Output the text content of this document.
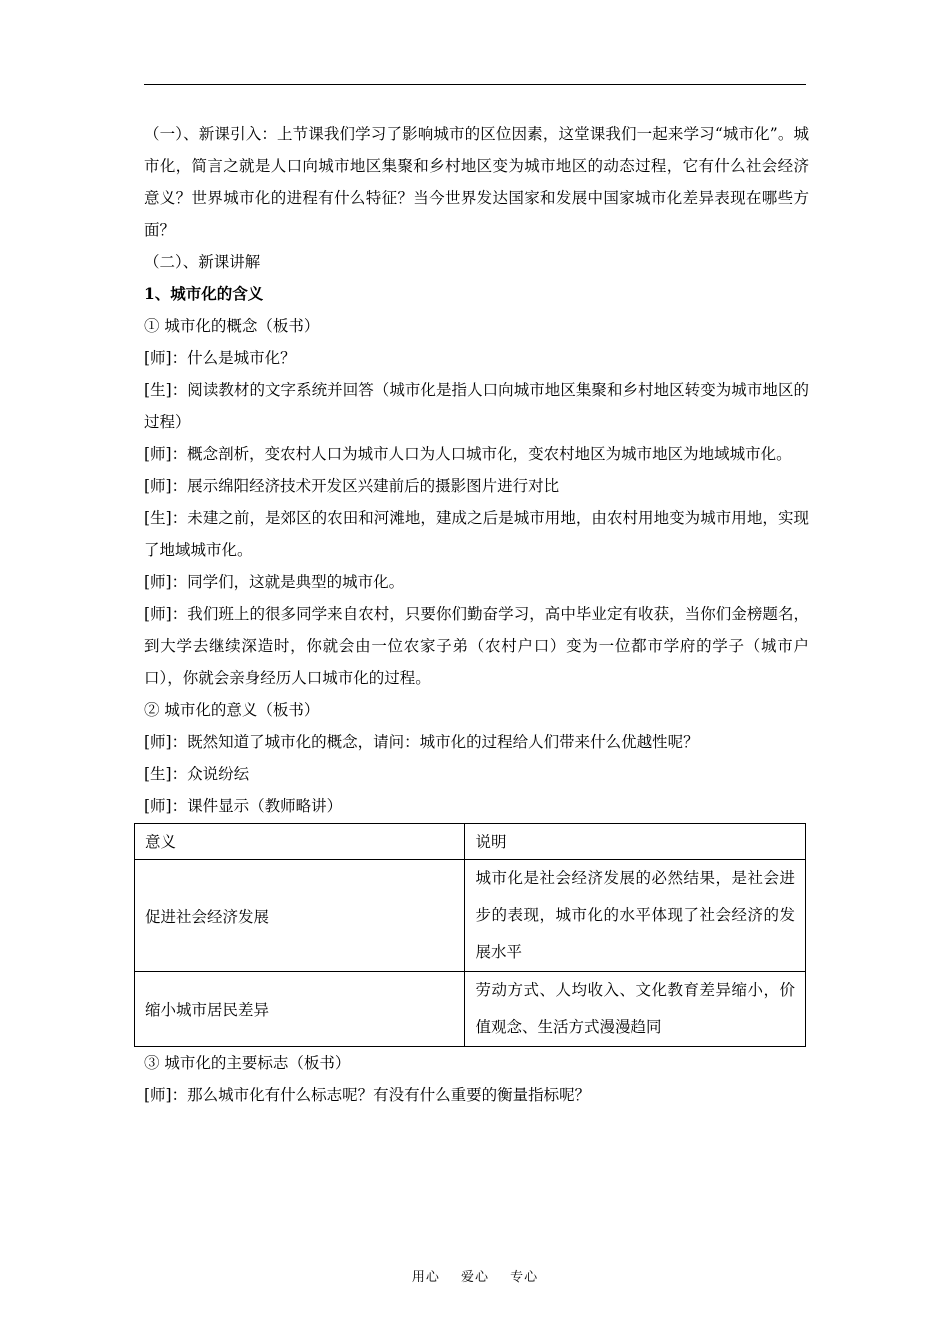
（一）、新课引入：上节课我们学习了影响城市的区位因素，这堂课我们一起来学习“城市化”。城市化，简言之就是人口向城市地区集聚和乡村地区变为城市地区的动态过程，它有什么社会经济意义？世界城市化的进程有什么特征？当今世界发达国家和发展中国家城市化差异表现在哪些方面？

（二）、新课讲解

1、城市化的含义

① 城市化的概念（板书）

[师]：什么是城市化？

[生]：阅读教材的文字系统并回答（城市化是指人口向城市地区集聚和乡村地区转变为城市地区的过程）

[师]：概念剖析，变农村人口为城市人口为人口城市化，变农村地区为城市地区为地域城市化。

[师]：展示绵阳经济技术开发区兴建前后的摄影图片进行对比

[生]：未建之前，是郊区的农田和河滩地，建成之后是城市用地，由农村用地变为城市用地，实现了地域城市化。

[师]：同学们，这就是典型的城市化。

[师]：我们班上的很多同学来自农村，只要你们勤奋学习，高中毕业定有收获，当你们金榜题名，到大学去继续深造时，你就会由一位农家子弟（农村户口）变为一位都市学府的学子（城市户口），你就会亲身经历人口城市化的过程。

② 城市化的意义（板书）

[师]：既然知道了城市化的概念，请问：城市化的过程给人们带来什么优越性呢？

[生]：众说纷纭

[师]：课件显示（教师略讲）

意义	说明
促进社会经济发展	城市化是社会经济发展的必然结果，是社会进步的表现，城市化的水平体现了社会经济的发展水平
缩小城市居民差异	劳动方式、人均收入、文化教育差异缩小，价值观念、生活方式漫漫趋同

③ 城市化的主要标志（板书）

[师]：那么城市化有什么标志呢？有没有什么重要的衡量指标呢？

用心 爱心 专心
